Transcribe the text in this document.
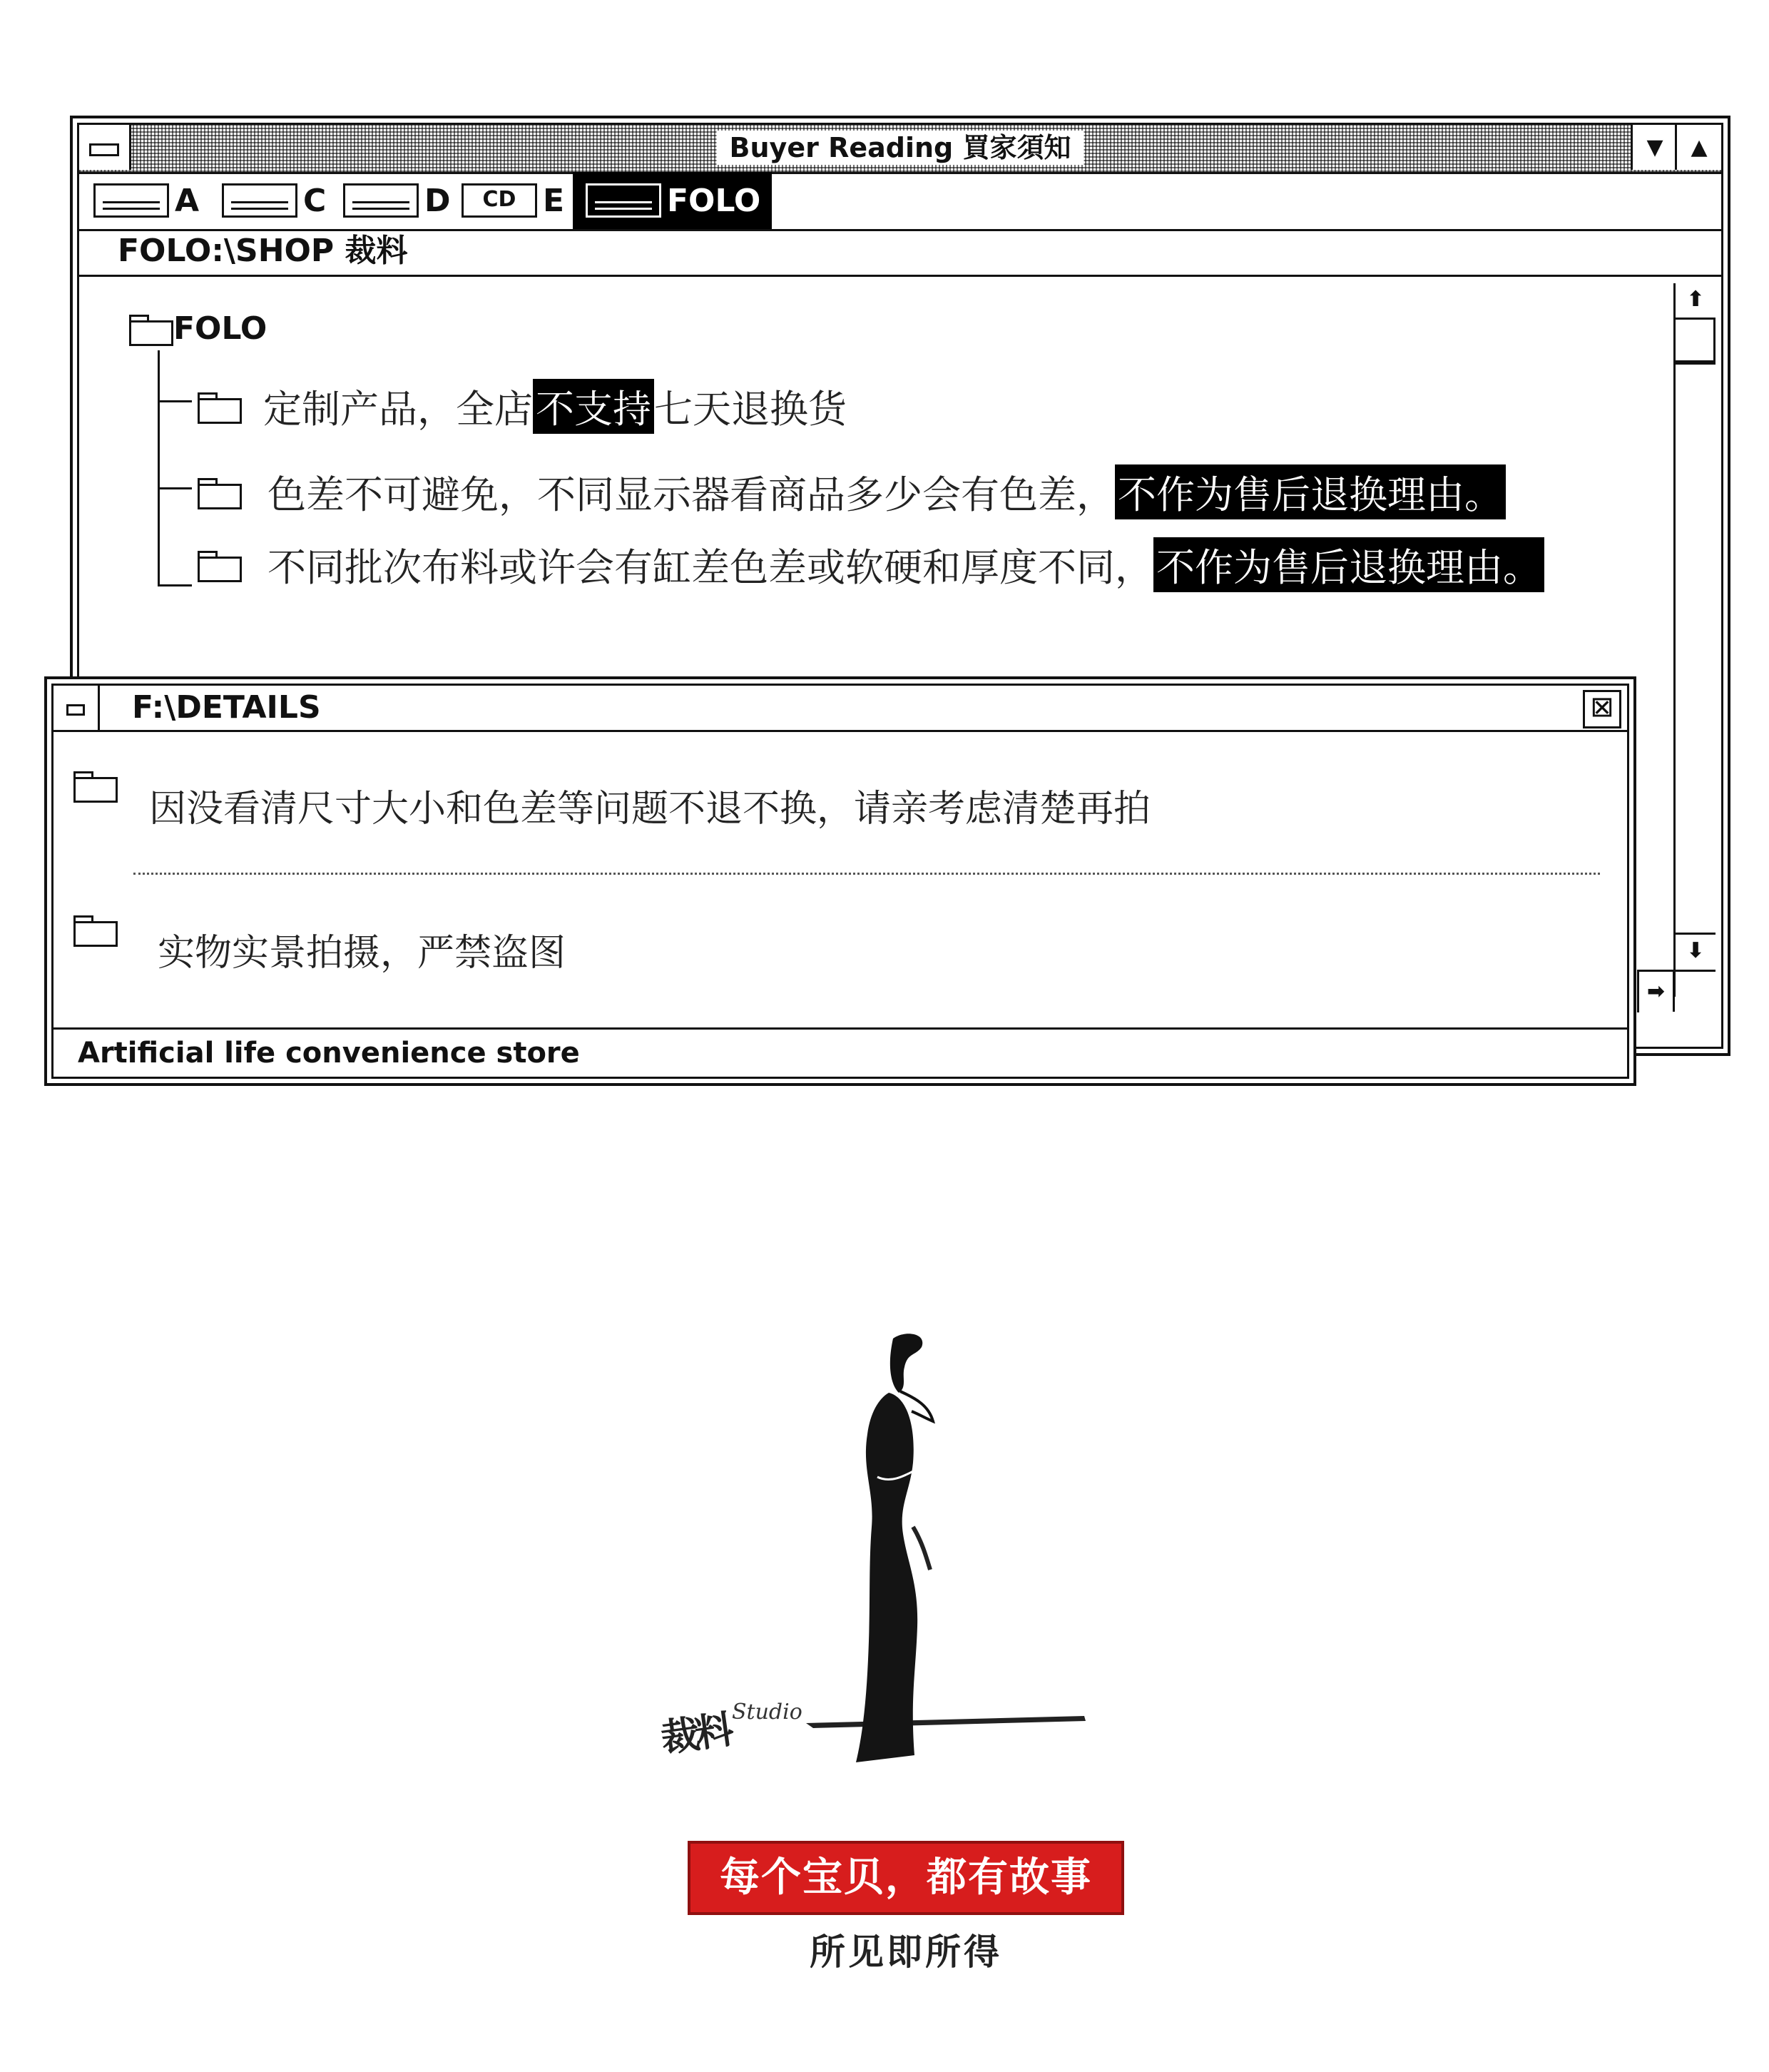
Buyer Reading 買家須知	▼	▲
A	C	D	CD E	FOLO
FOLO:\SHOP 裁料
FOLO
定制产品，全店 不支持 七天退换货
色差不可避免，不同显示器看商品多少会有色差， 不作为售后退换理由。
不同批次布料或许会有缸差色差或软硬和厚度不同， 不作为售后退换理由。
⬆
⬇
➡
F:\DETAILS	⊠
因没看清尺寸大小和色差等问题不退不换，请亲考虑清楚再拍
实物实景拍摄，严禁盗图
Artificial life convenience store
裁料 Studio
每个宝贝，都有故事
所见即所得
